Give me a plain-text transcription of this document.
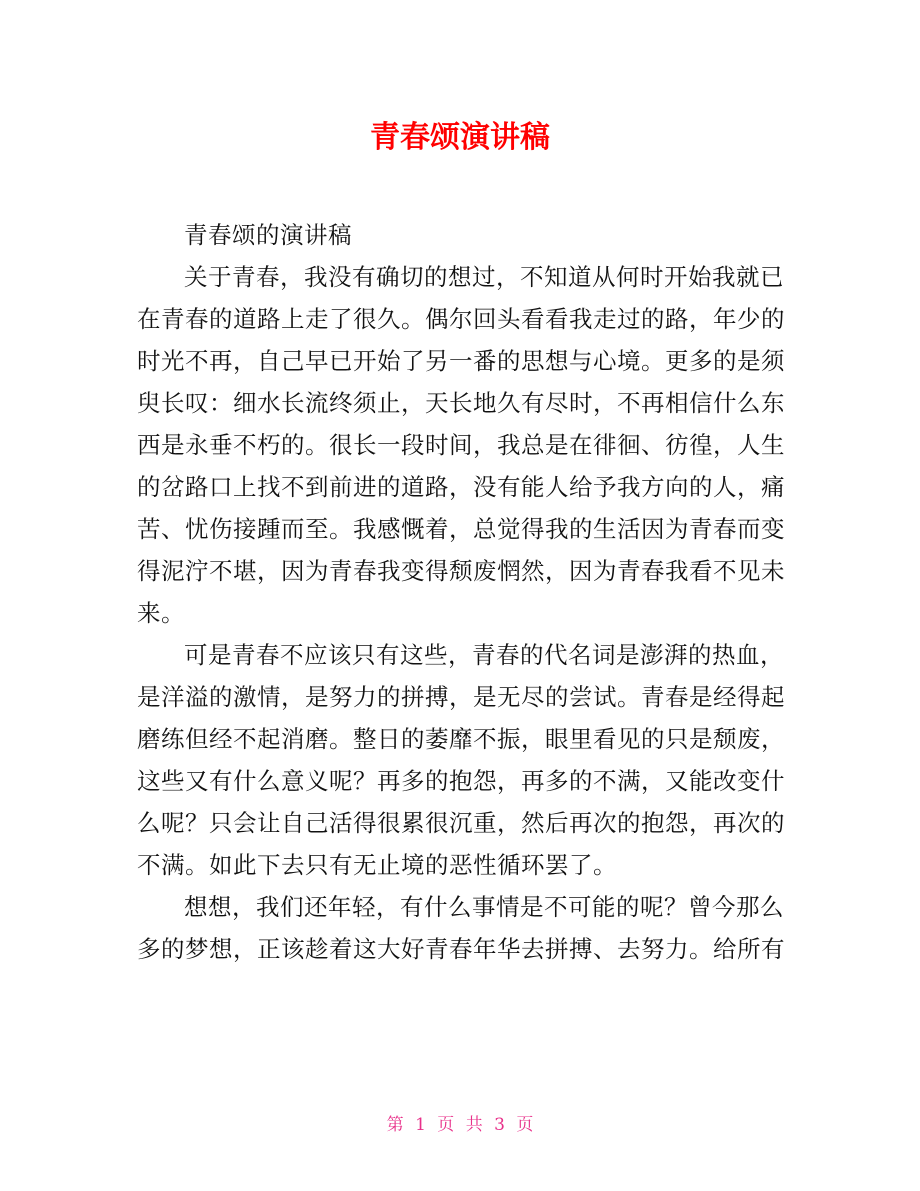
青春颂演讲稿
青春颂的演讲稿
关于青春，我没有确切的想过，不知道从何时开始我就已
在青春的道路上走了很久。偶尔回头看看我走过的路，年少的
时光不再，自己早已开始了另一番的思想与心境。更多的是须
臾长叹：细水长流终须止，天长地久有尽时，不再相信什么东
西是永垂不朽的。很长一段时间，我总是在徘徊、彷徨，人生
的岔路口上找不到前进的道路，没有能人给予我方向的人，痛
苦、忧伤接踵而至。我感慨着，总觉得我的生活因为青春而变
得泥泞不堪，因为青春我变得颓废惘然，因为青春我看不见未
来。
可是青春不应该只有这些，青春的代名词是澎湃的热血，
是洋溢的激情，是努力的拼搏，是无尽的尝试。青春是经得起
磨练但经不起消磨。整日的萎靡不振，眼里看见的只是颓废，
这些又有什么意义呢？再多的抱怨，再多的不满，又能改变什
么呢？只会让自己活得很累很沉重，然后再次的抱怨，再次的
不满。如此下去只有无止境的恶性循环罢了。
想想，我们还年轻，有什么事情是不可能的呢？曾今那么
多的梦想，正该趁着这大好青春年华去拼搏、去努力。给所有
第 1 页 共 3 页
